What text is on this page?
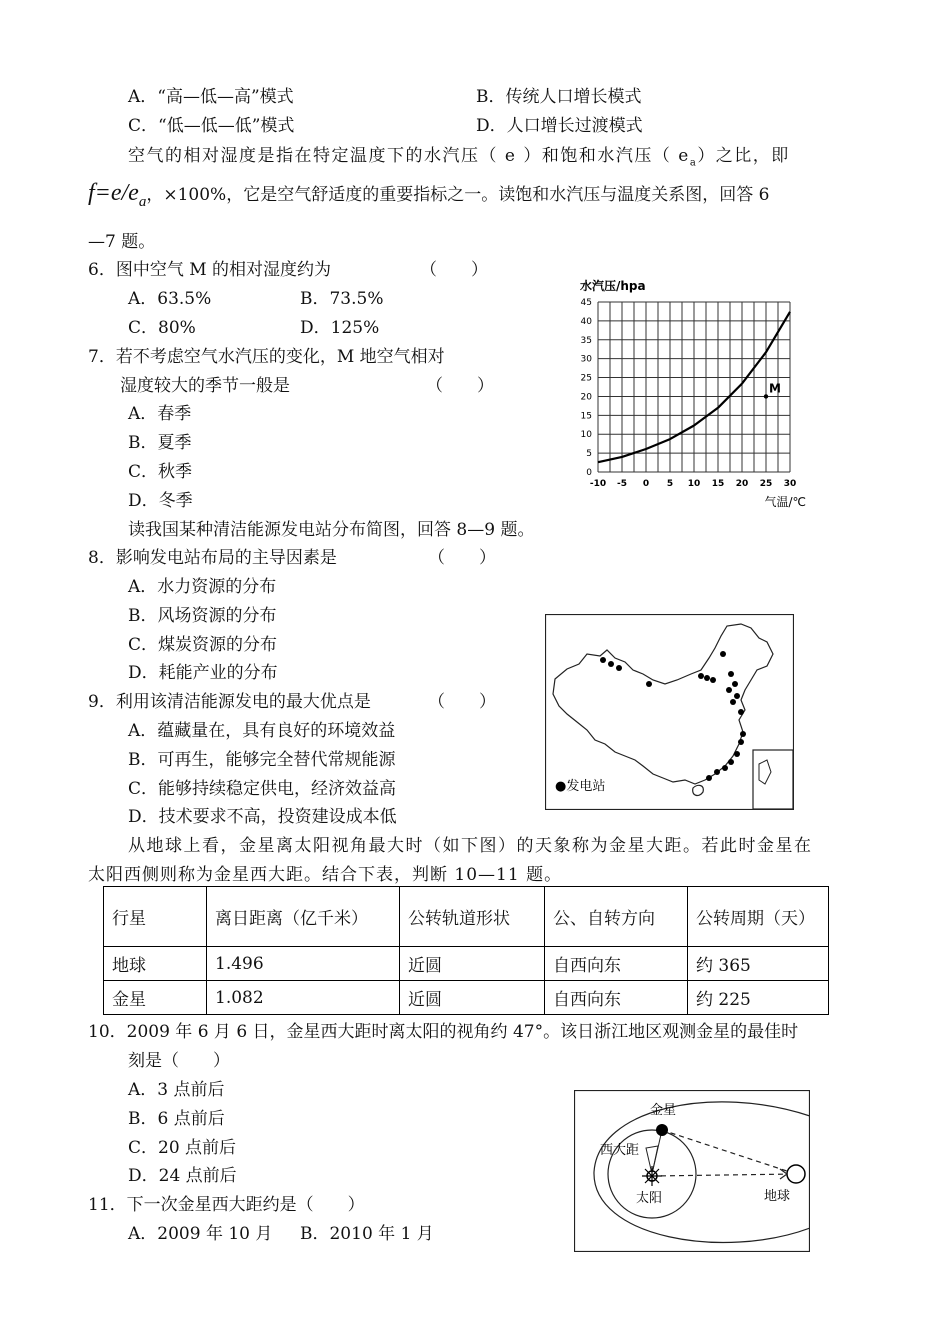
A．“高—低—高”模式	B．传统人口增长模式
C．“低—低—低”模式	D．人口增长过渡模式
空气的相对湿度是指在特定温度下的水汽压（ e ）和饱和水汽压（ $e_a$）之比，即
$f=e/e_a$，×100%，它是空气舒适度的重要指标之一。读饱和水汽压与温度关系图，回答 6
—7 题。
6．图中空气 M 的相对湿度约为	（　　）
A．63.5%	B．73.5%
C．80%	D．125%
7．若不考虑空气水汽压的变化，M 地空气相对
湿度较大的季节一般是	（　　）
A．春季
B．夏季
C．秋季
D．冬季
0
5
10
15
20
25
30
35
40
45
-10 -5 0 5 10 15 20 25 30
水汽压/hpa
气温/℃
M
读我国某种清洁能源发电站分布简图，回答 8—9 题。
8．影响发电站布局的主导因素是	（　　）
A．水力资源的分布
B．风场资源的分布
C．煤炭资源的分布
D．耗能产业的分布
9．利用该清洁能源发电的最大优点是	（　　）
A．蕴藏量在，具有良好的环境效益
B．可再生，能够完全替代常规能源
C．能够持续稳定供电，经济效益高
D．技术要求不高，投资建设成本低
●发电站
从地球上看，金星离太阳视角最大时（如下图）的天象称为金星大距。若此时金星在
太阳西侧则称为金星西大距。结合下表，判断 10—11 题。
行星	离日距离（亿千米）	公转轨道形状	公、自转方向	公转周期（天）
地球	1.496	近圆	自西向东	约 365
金星	1.082	近圆	自西向东	约 225
10．2009 年 6 月 6 日，金星西大距时离太阳的视角约 47°。该日浙江地区观测金星的最佳时
刻是（　　）
A．3 点前后
B．6 点前后
C．20 点前后
D．24 点前后
金星
西大距
太阳	地球
11．下一次金星西大距约是（　　）
A．2009 年 10 月 B．2010 年 1 月
